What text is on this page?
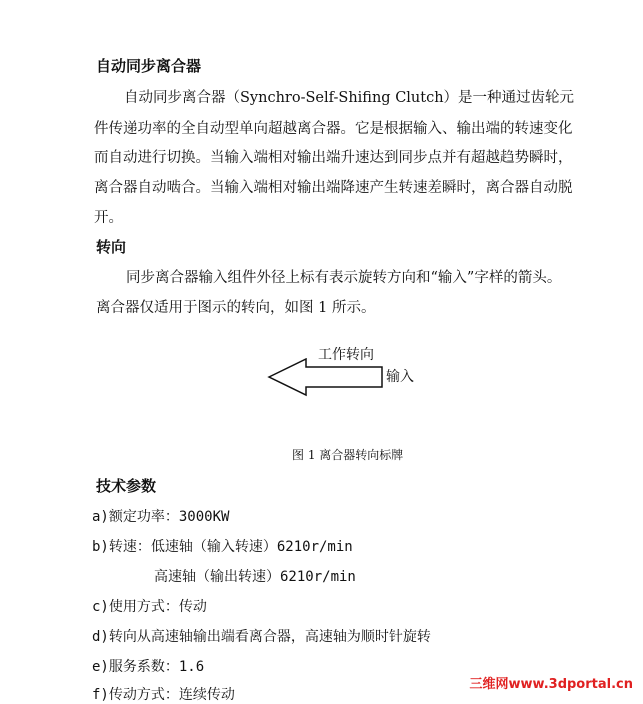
自动同步离合器
自动同步离合器（Synchro-Self-Shifing Clutch）是一种通过齿轮元
件传递功率的全自动型单向超越离合器。它是根据输入、输出端的转速变化
而自动进行切换。当输入端相对输出端升速达到同步点并有超越趋势瞬时，
离合器自动啮合。当输入端相对输出端降速产生转速差瞬时，离合器自动脱
开。
转向
同步离合器输入组件外径上标有表示旋转方向和“输入”字样的箭头。
离合器仅适用于图示的转向，如图 1 所示。
工作转向
输入
图 1 离合器转向标牌
技术参数
a)额定功率：3000KW
b)转速：低速轴（输入转速）6210r/min
高速轴（输出转速）6210r/min
c)使用方式：传动
d)转向从高速轴输出端看离合器，高速轴为顺时针旋转
e)服务系数：1.6
f)传动方式：连续传动
三维网www.3dportal.cn
